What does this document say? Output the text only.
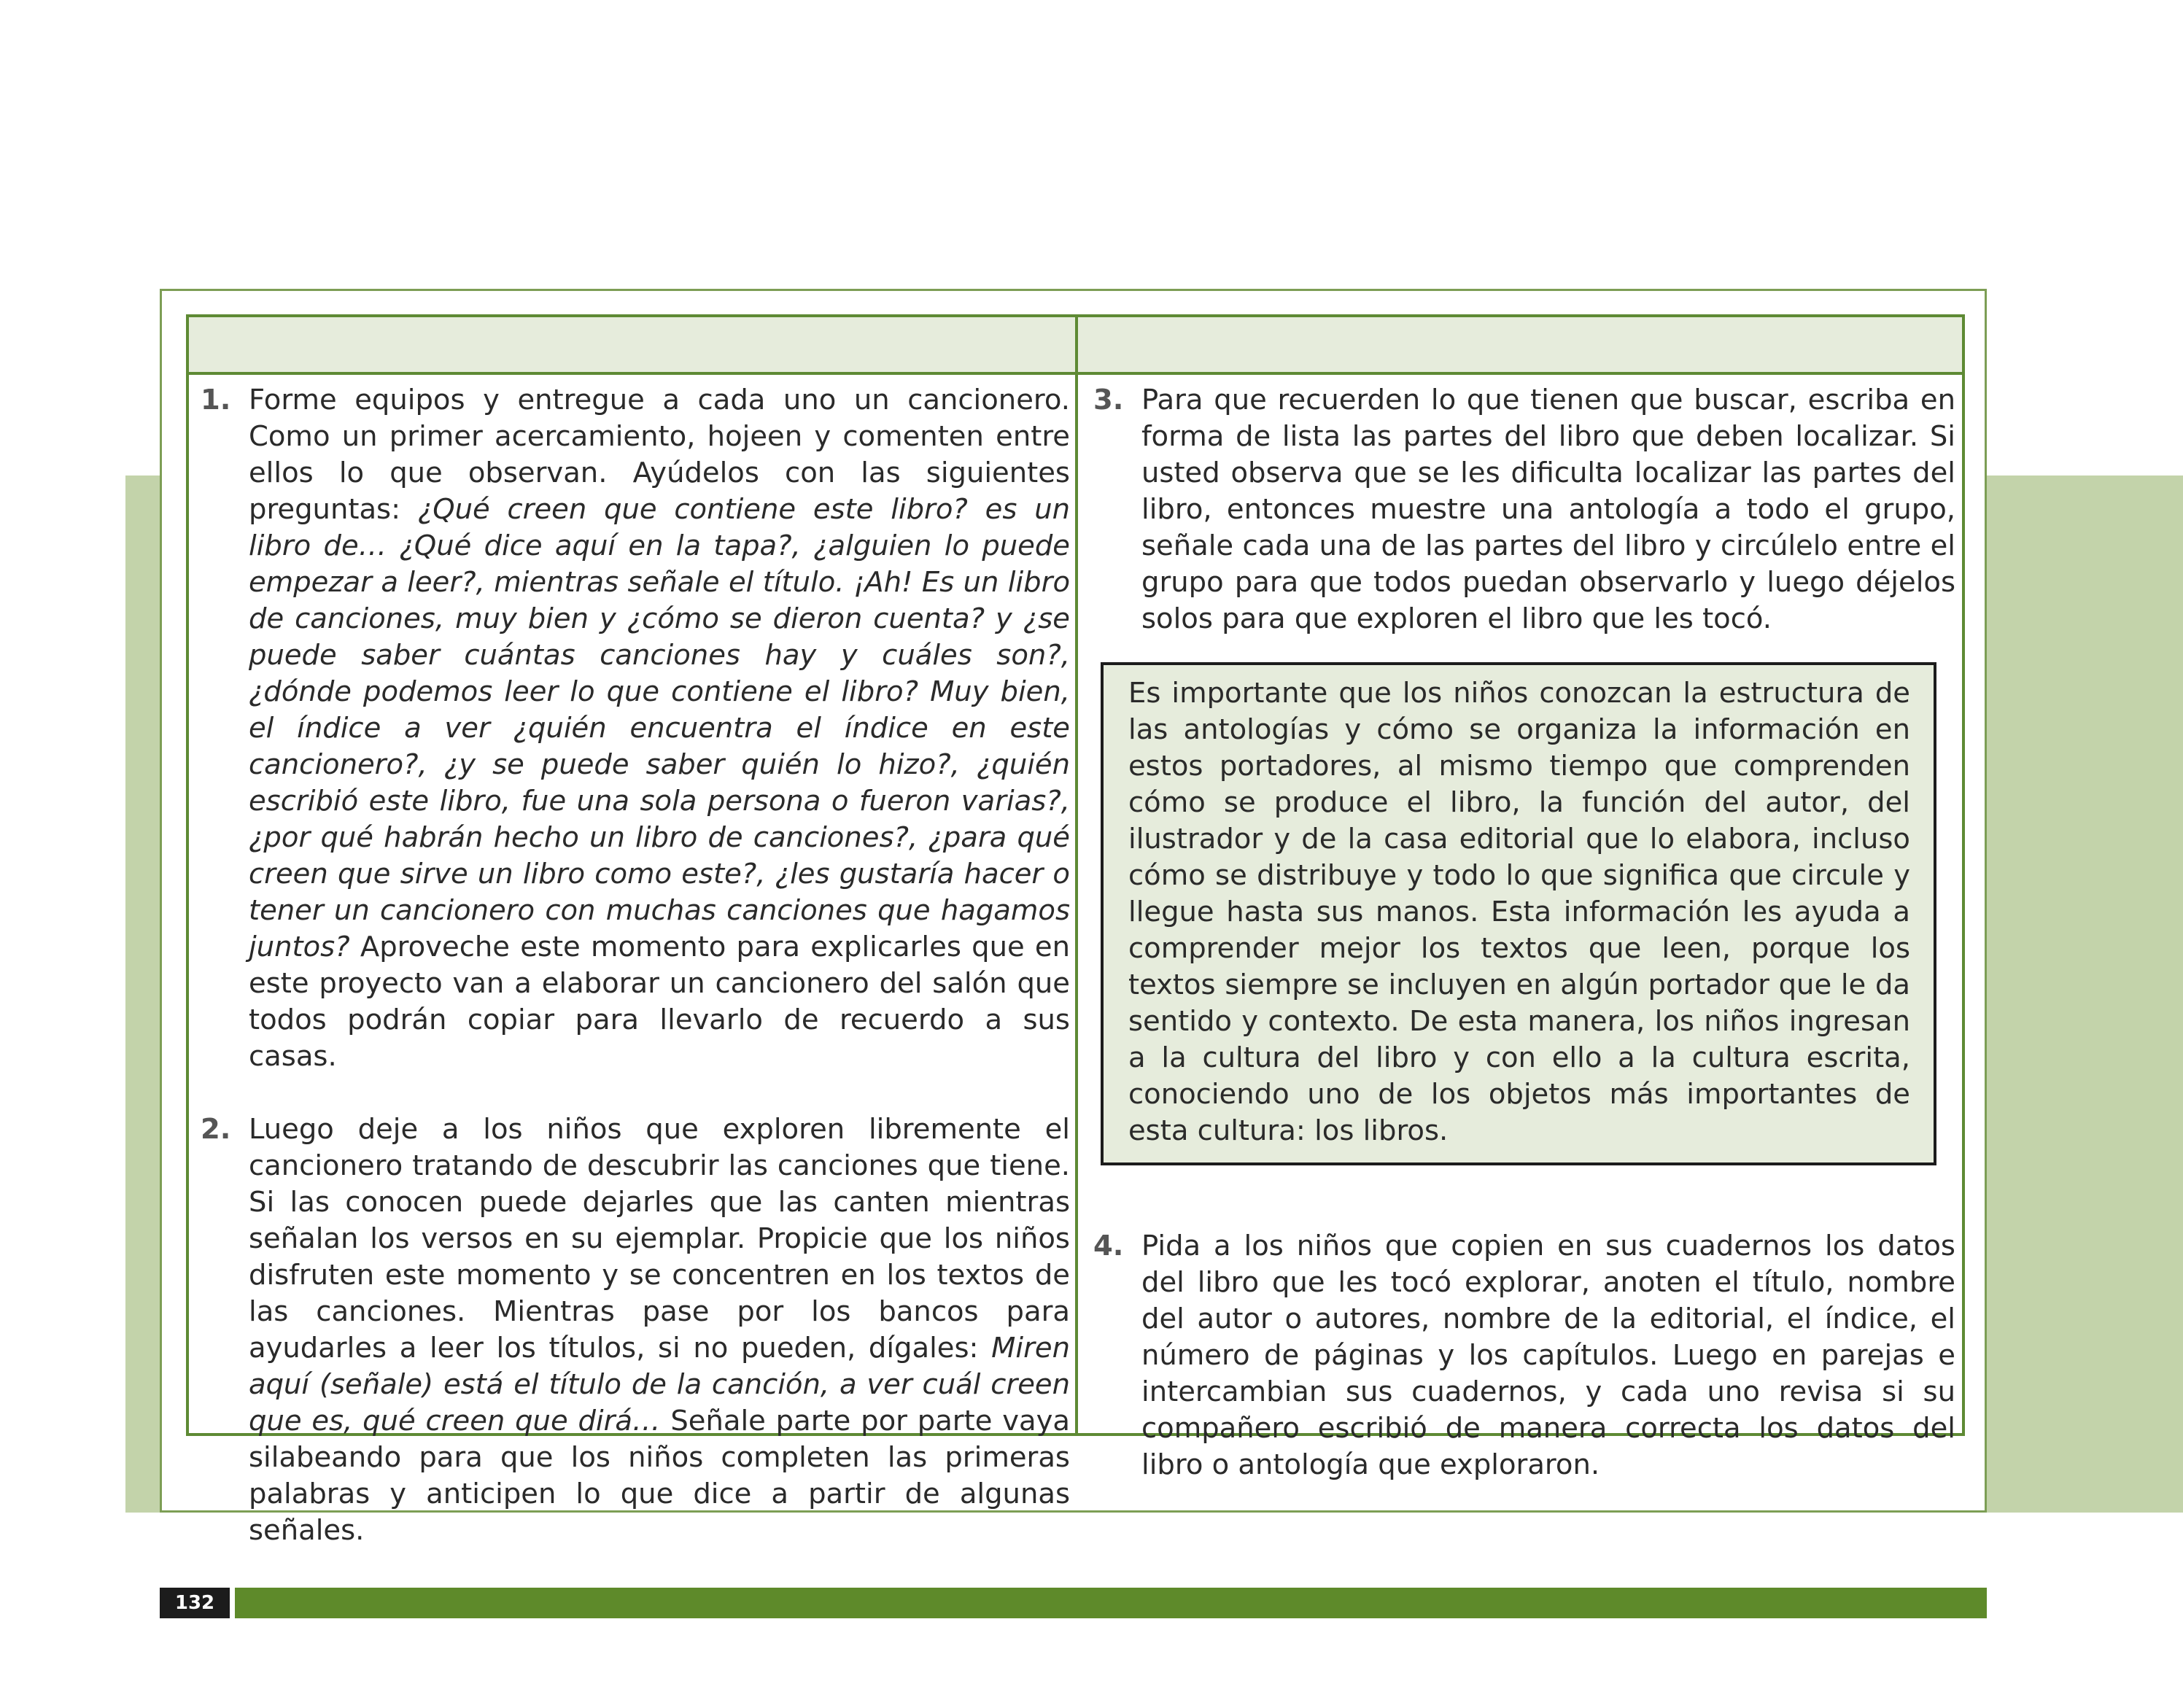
1. Forme equipos y entregue a cada uno un cancionero. Como un primer acercamiento, hojeen y comenten entre ellos lo que observan. Ayúdelos con las siguientes preguntas: ¿Qué creen que contiene este libro? es un libro de… ¿Qué dice aquí en la tapa?, ¿alguien lo puede empezar a leer?, mientras señale el título. ¡Ah! Es un libro de canciones, muy bien y ¿cómo se dieron cuenta? y ¿se puede saber cuántas canciones hay y cuáles son?, ¿dónde podemos leer lo que contiene el libro? Muy bien, el índice a ver ¿quién encuentra el índice en este cancionero?, ¿y se puede saber quién lo hizo?, ¿quién escribió este libro, fue una sola persona o fueron varias?, ¿por qué habrán hecho un libro de canciones?, ¿para qué creen que sirve un libro como este?, ¿les gustaría hacer o tener un cancionero con muchas canciones que hagamos juntos? Aproveche este momento para explicarles que en este proyecto van a elaborar un cancionero del salón que todos podrán copiar para llevarlo de recuerdo a sus casas.
2. Luego deje a los niños que exploren libremente el cancionero tratando de descubrir las canciones que tiene. Si las conocen puede dejarles que las canten mientras señalan los versos en su ejemplar. Propicie que los niños disfruten este momento y se concentren en los textos de las canciones. Mientras pase por los bancos para ayudarles a leer los títulos, si no pueden, dígales: Miren aquí (señale) está el título de la canción, a ver cuál creen que es, qué creen que dirá… Señale parte por parte vaya silabeando para que los niños completen las primeras palabras y anticipen lo que dice a partir de algunas señales.
3. Para que recuerden lo que tienen que buscar, escriba en forma de lista las partes del libro que deben localizar. Si usted observa que se les dificulta localizar las partes del libro, entonces muestre una antología a todo el grupo, señale cada una de las partes del libro y circúlelo entre el grupo para que todos puedan observarlo y luego déjelos solos para que exploren el libro que les tocó.
Es importante que los niños conozcan la estructura de las antologías y cómo se organiza la información en estos portadores, al mismo tiempo que comprenden cómo se produce el libro, la función del autor, del ilustrador y de la casa editorial que lo elabora, incluso cómo se distribuye y todo lo que significa que circule y llegue hasta sus manos. Esta información les ayuda a comprender mejor los textos que leen, porque los textos siempre se incluyen en algún portador que le da sentido y contexto. De esta manera, los niños ingresan a la cultura del libro y con ello a la cultura escrita, conociendo uno de los objetos más importantes de esta cultura: los libros.
4. Pida a los niños que copien en sus cuadernos los datos del libro que les tocó explorar, anoten el título, nombre del autor o autores, nombre de la editorial, el índice, el número de páginas y los capítulos. Luego en parejas e intercambian sus cuadernos, y cada uno revisa si su compañero escribió de manera correcta los datos del libro o antología que exploraron.
132
